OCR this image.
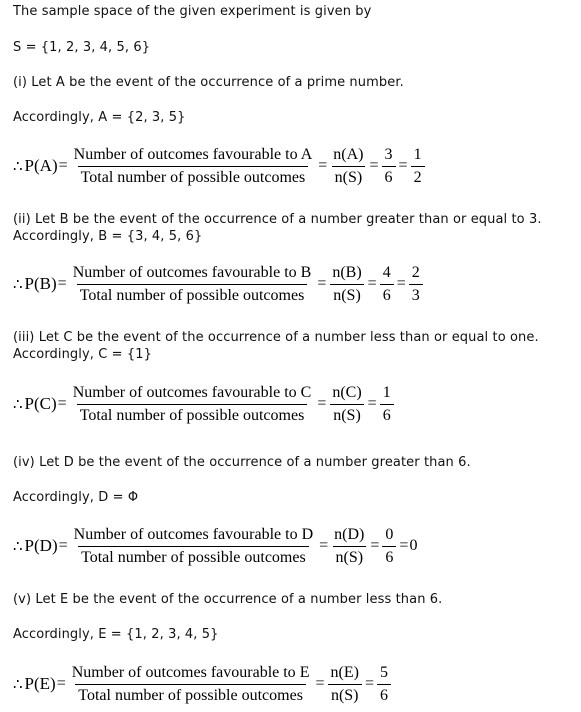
The sample space of the given experiment is given by
S = {1, 2, 3, 4, 5, 6}
(i) Let A be the event of the occurrence of a prime number.
Accordingly, A = {2, 3, 5}
∴ $P(A) = \frac{\text{Number of outcomes favourable to A}}{\text{Total number of possible outcomes}} = \frac{n(A)}{n(S)} = \frac{3}{6} = \frac{1}{2}$
(ii) Let B be the event of the occurrence of a number greater than or equal to 3.
Accordingly, B = {3, 4, 5, 6}
∴ $P(B) = \frac{\text{Number of outcomes favourable to B}}{\text{Total number of possible outcomes}} = \frac{n(B)}{n(S)} = \frac{4}{6} = \frac{2}{3}$
(iii) Let C be the event of the occurrence of a number less than or equal to one.
Accordingly, C = {1}
∴ $P(C) = \frac{\text{Number of outcomes favourable to C}}{\text{Total number of possible outcomes}} = \frac{n(C)}{n(S)} = \frac{1}{6}$
(iv) Let D be the event of the occurrence of a number greater than 6.
Accordingly, D = Φ
∴ $P(D) = \frac{\text{Number of outcomes favourable to D}}{\text{Total number of possible outcomes}} = \frac{n(D)}{n(S)} = \frac{0}{6} = 0$
(v) Let E be the event of the occurrence of a number less than 6.
Accordingly, E = {1, 2, 3, 4, 5}
∴ $P(E) = \frac{\text{Number of outcomes favourable to E}}{\text{Total number of possible outcomes}} = \frac{n(E)}{n(S)} = \frac{5}{6}$
